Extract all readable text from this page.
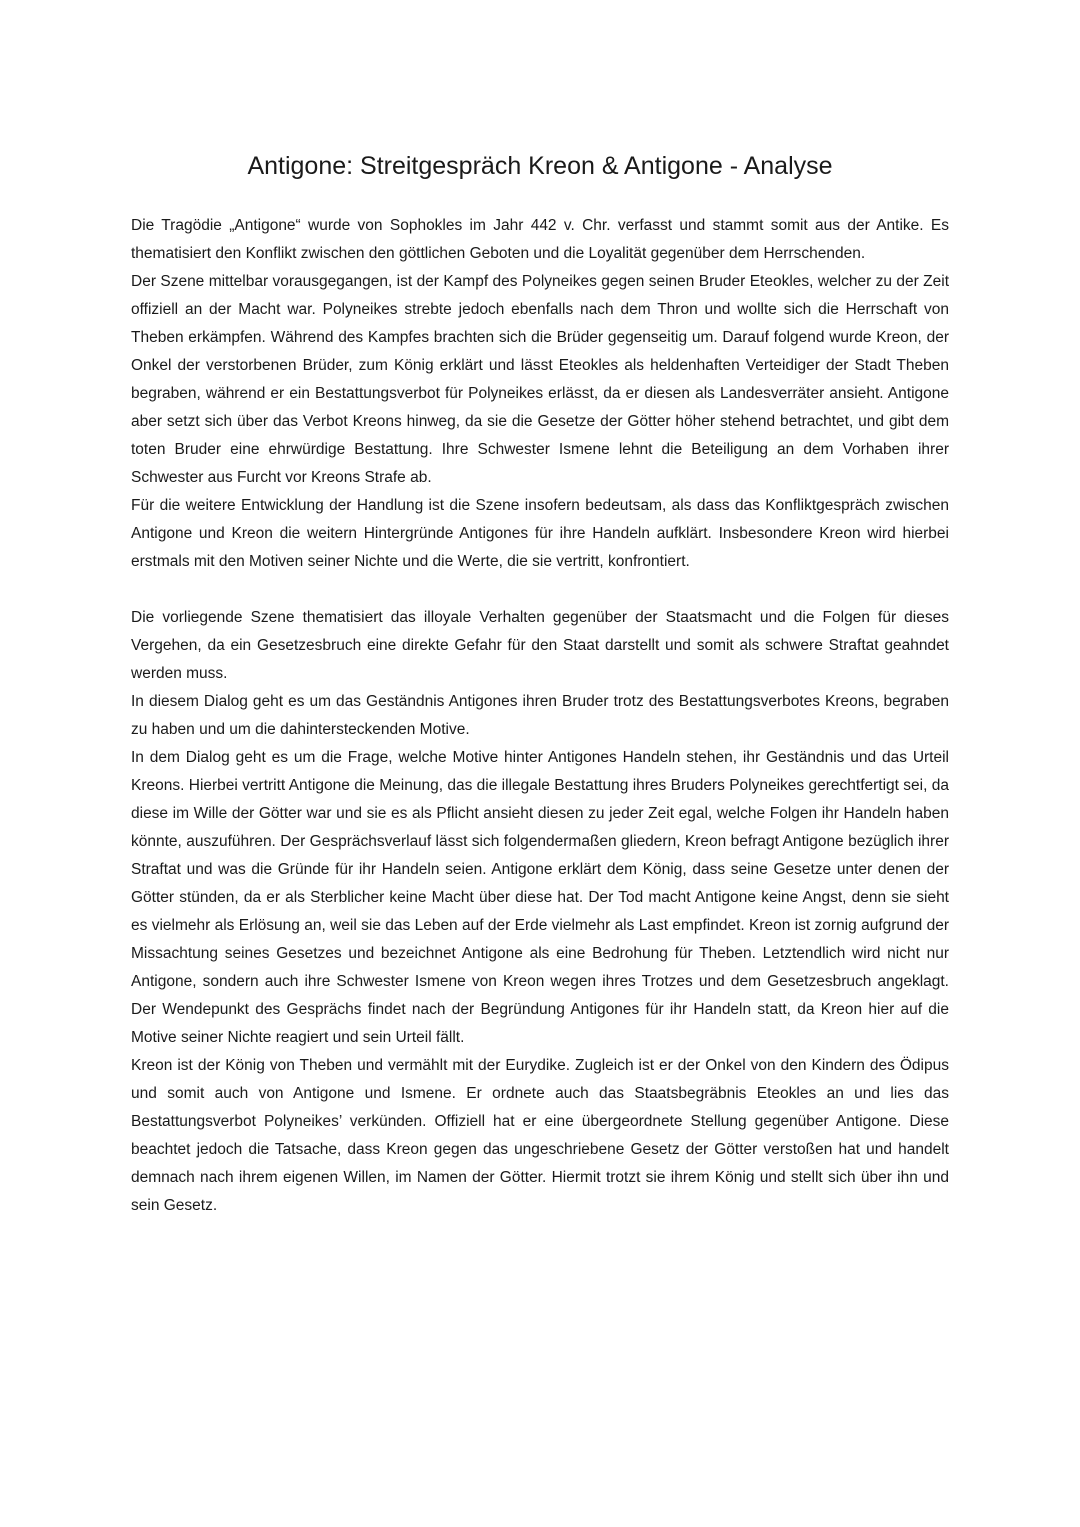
Antigone: Streitgespräch Kreon & Antigone - Analyse

Die Tragödie „Antigone“ wurde von Sophokles im Jahr 442 v. Chr. verfasst und stammt somit aus der Antike. Es thematisiert den Konflikt zwischen den göttlichen Geboten und die Loyalität gegenüber dem Herrschenden.

Der Szene mittelbar vorausgegangen, ist der Kampf des Polyneikes gegen seinen Bruder Eteokles, welcher zu der Zeit offiziell an der Macht war. Polyneikes strebte jedoch ebenfalls nach dem Thron und wollte sich die Herrschaft von Theben erkämpfen. Während des Kampfes brachten sich die Brüder gegenseitig um. Darauf folgend wurde Kreon, der Onkel der verstorbenen Brüder, zum König erklärt und lässt Eteokles als heldenhaften Verteidiger der Stadt Theben begraben, während er ein Bestattungsverbot für Polyneikes erlässt, da er diesen als Landesverräter ansieht. Antigone aber setzt sich über das Verbot Kreons hinweg, da sie die Gesetze der Götter höher stehend betrachtet, und gibt dem toten Bruder eine ehrwürdige Bestattung. Ihre Schwester Ismene lehnt die Beteiligung an dem Vorhaben ihrer Schwester aus Furcht vor Kreons Strafe ab.

Für die weitere Entwicklung der Handlung ist die Szene insofern bedeutsam, als dass das Konfliktgespräch zwischen Antigone und Kreon die weitern Hintergründe Antigones für ihre Handeln aufklärt. Insbesondere Kreon wird hierbei erstmals mit den Motiven seiner Nichte und die Werte, die sie vertritt, konfrontiert.

Die vorliegende Szene thematisiert das illoyale Verhalten gegenüber der Staatsmacht und die Folgen für dieses Vergehen, da ein Gesetzesbruch eine direkte Gefahr für den Staat darstellt und somit als schwere Straftat geahndet werden muss.

In diesem Dialog geht es um das Geständnis Antigones ihren Bruder trotz des Bestattungsverbotes Kreons, begraben zu haben und um die dahintersteckenden Motive.

In dem Dialog geht es um die Frage, welche Motive hinter Antigones Handeln stehen, ihr Geständnis und das Urteil Kreons. Hierbei vertritt Antigone die Meinung, das die illegale Bestattung ihres Bruders Polyneikes gerechtfertigt sei, da diese im Wille der Götter war und sie es als Pflicht ansieht diesen zu jeder Zeit egal, welche Folgen ihr Handeln haben könnte, auszuführen. Der Gesprächsverlauf lässt sich folgendermaßen gliedern, Kreon befragt Antigone bezüglich ihrer Straftat und was die Gründe für ihr Handeln seien. Antigone erklärt dem König, dass seine Gesetze unter denen der Götter stünden, da er als Sterblicher keine Macht über diese hat. Der Tod macht Antigone keine Angst, denn sie sieht es vielmehr als Erlösung an, weil sie das Leben auf der Erde vielmehr als Last empfindet. Kreon ist zornig aufgrund der Missachtung seines Gesetzes und bezeichnet Antigone als eine Bedrohung für Theben. Letztendlich wird nicht nur Antigone, sondern auch ihre Schwester Ismene von Kreon wegen ihres Trotzes und dem Gesetzesbruch angeklagt. Der Wendepunkt des Gesprächs findet nach der Begründung Antigones für ihr Handeln statt, da Kreon hier auf die Motive seiner Nichte reagiert und sein Urteil fällt.

Kreon ist der König von Theben und vermählt mit der Eurydike. Zugleich ist er der Onkel von den Kindern des Ödipus und somit auch von Antigone und Ismene. Er ordnete auch das Staatsbegräbnis Eteokles an und lies das Bestattungsverbot Polyneikes’ verkünden. Offiziell hat er eine übergeordnete Stellung gegenüber Antigone. Diese beachtet jedoch die Tatsache, dass Kreon gegen das ungeschriebene Gesetz der Götter verstoßen hat und handelt demnach nach ihrem eigenen Willen, im Namen der Götter. Hiermit trotzt sie ihrem König und stellt sich über ihn und sein Gesetz.
